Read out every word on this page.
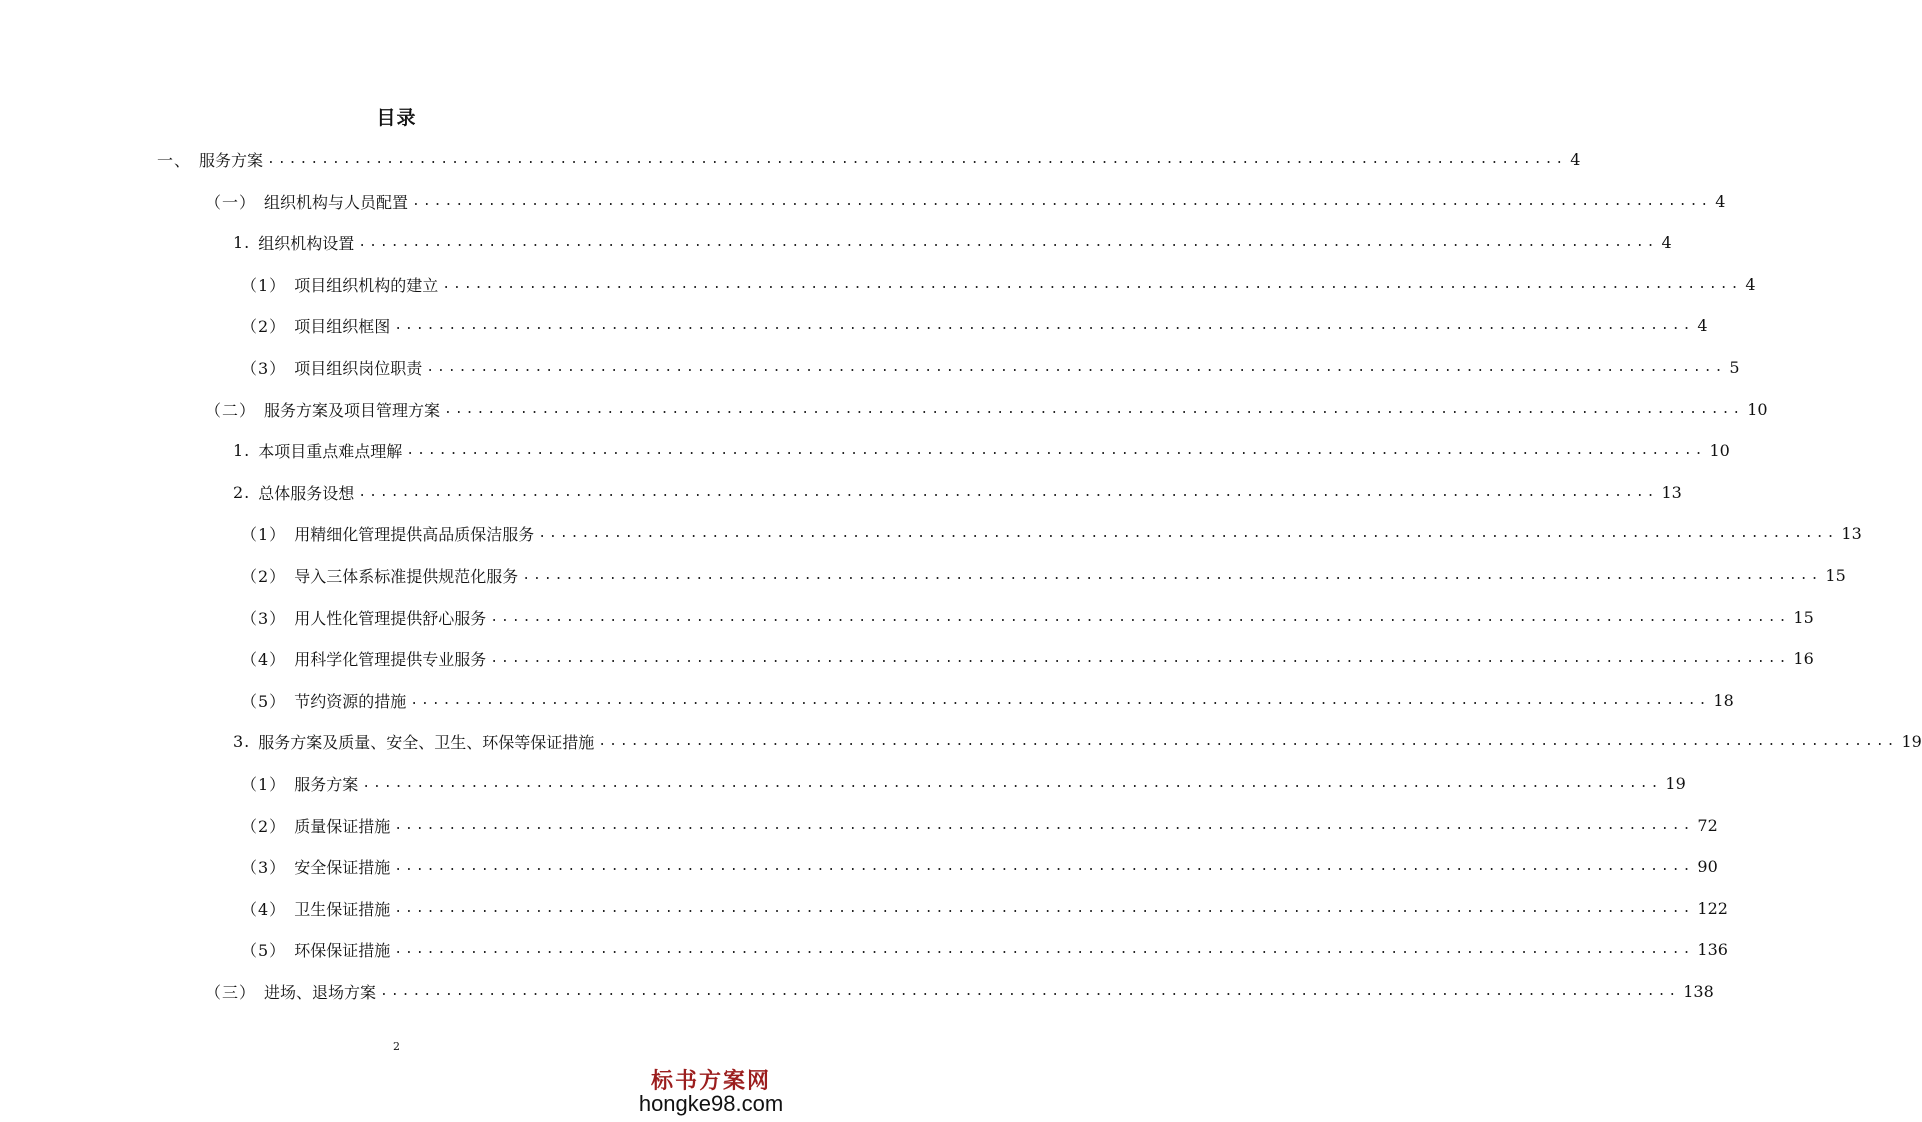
目录
一、 服务方案 ........................................................................................................................ 4
（一） 组织机构与人员配置 ........................................................................................................................ 4
1. 组织机构设置 ........................................................................................................................ 4
（1） 项目组织机构的建立 ........................................................................................................................ 4
（2） 项目组织框图 ........................................................................................................................ 4
（3） 项目组织岗位职责 ........................................................................................................................ 5
（二） 服务方案及项目管理方案 ........................................................................................................................ 10
1. 本项目重点难点理解 ........................................................................................................................ 10
2. 总体服务设想 ........................................................................................................................ 13
（1） 用精细化管理提供高品质保洁服务 ........................................................................................................................ 13
（2） 导入三体系标准提供规范化服务 ........................................................................................................................ 15
（3） 用人性化管理提供舒心服务 ........................................................................................................................ 15
（4） 用科学化管理提供专业服务 ........................................................................................................................ 16
（5） 节约资源的措施 ........................................................................................................................ 18
3. 服务方案及质量、安全、卫生、环保等保证措施 ........................................................................................................................ 19
（1） 服务方案 ........................................................................................................................ 19
（2） 质量保证措施 ........................................................................................................................ 72
（3） 安全保证措施 ........................................................................................................................ 90
（4） 卫生保证措施 ........................................................................................................................ 122
（5） 环保保证措施 ........................................................................................................................ 136
（三） 进场、退场方案 ........................................................................................................................ 138
2
标书方案网
hongke98.com
